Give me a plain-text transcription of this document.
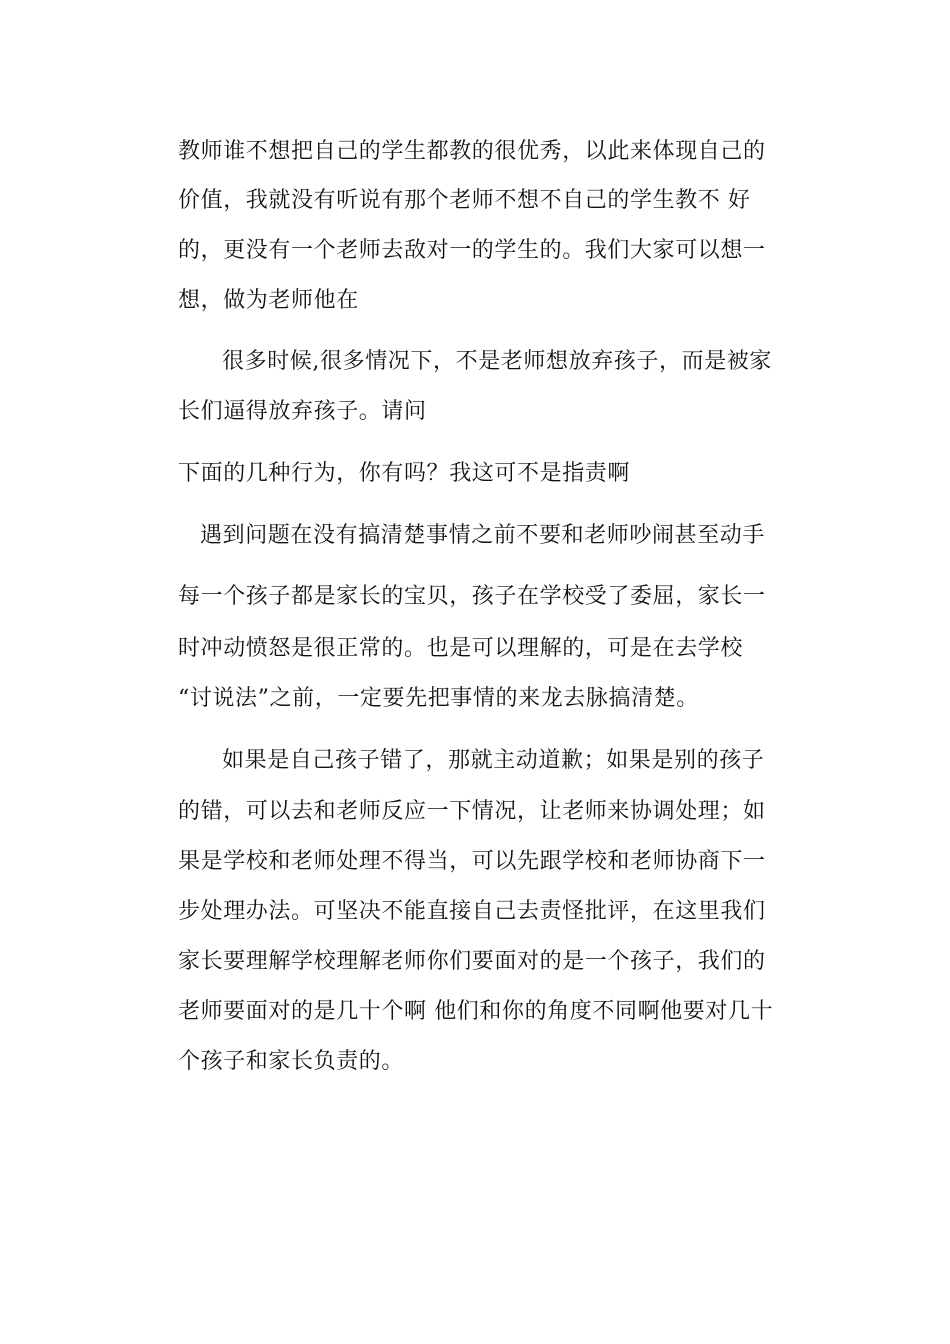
教师谁不想把自己的学生都教的很优秀，以此来体现自己的
价值，我就没有听说有那个老师不想不自己的学生教不 好
的，更没有一个老师去敌对一的学生的。我们大家可以想一
想，做为老师他在
很多时候,很多情况下，不是老师想放弃孩子，而是被家
长们逼得放弃孩子。请问
下面的几种行为，你有吗？我这可不是指责啊
遇到问题在没有搞清楚事情之前不要和老师吵闹甚至动手
每一个孩子都是家长的宝贝，孩子在学校受了委屈，家长一
时冲动愤怒是很正常的。也是可以理解的，可是在去学校
“讨说法”之前，一定要先把事情的来龙去脉搞清楚。
如果是自己孩子错了，那就主动道歉；如果是别的孩子
的错，可以去和老师反应一下情况，让老师来协调处理；如
果是学校和老师处理不得当，可以先跟学校和老师协商下一
步处理办法。可坚决不能直接自己去责怪批评，在这里我们
家长要理解学校理解老师你们要面对的是一个孩子，我们的
老师要面对的是几十个啊 他们和你的角度不同啊他要对几十
个孩子和家长负责的。
